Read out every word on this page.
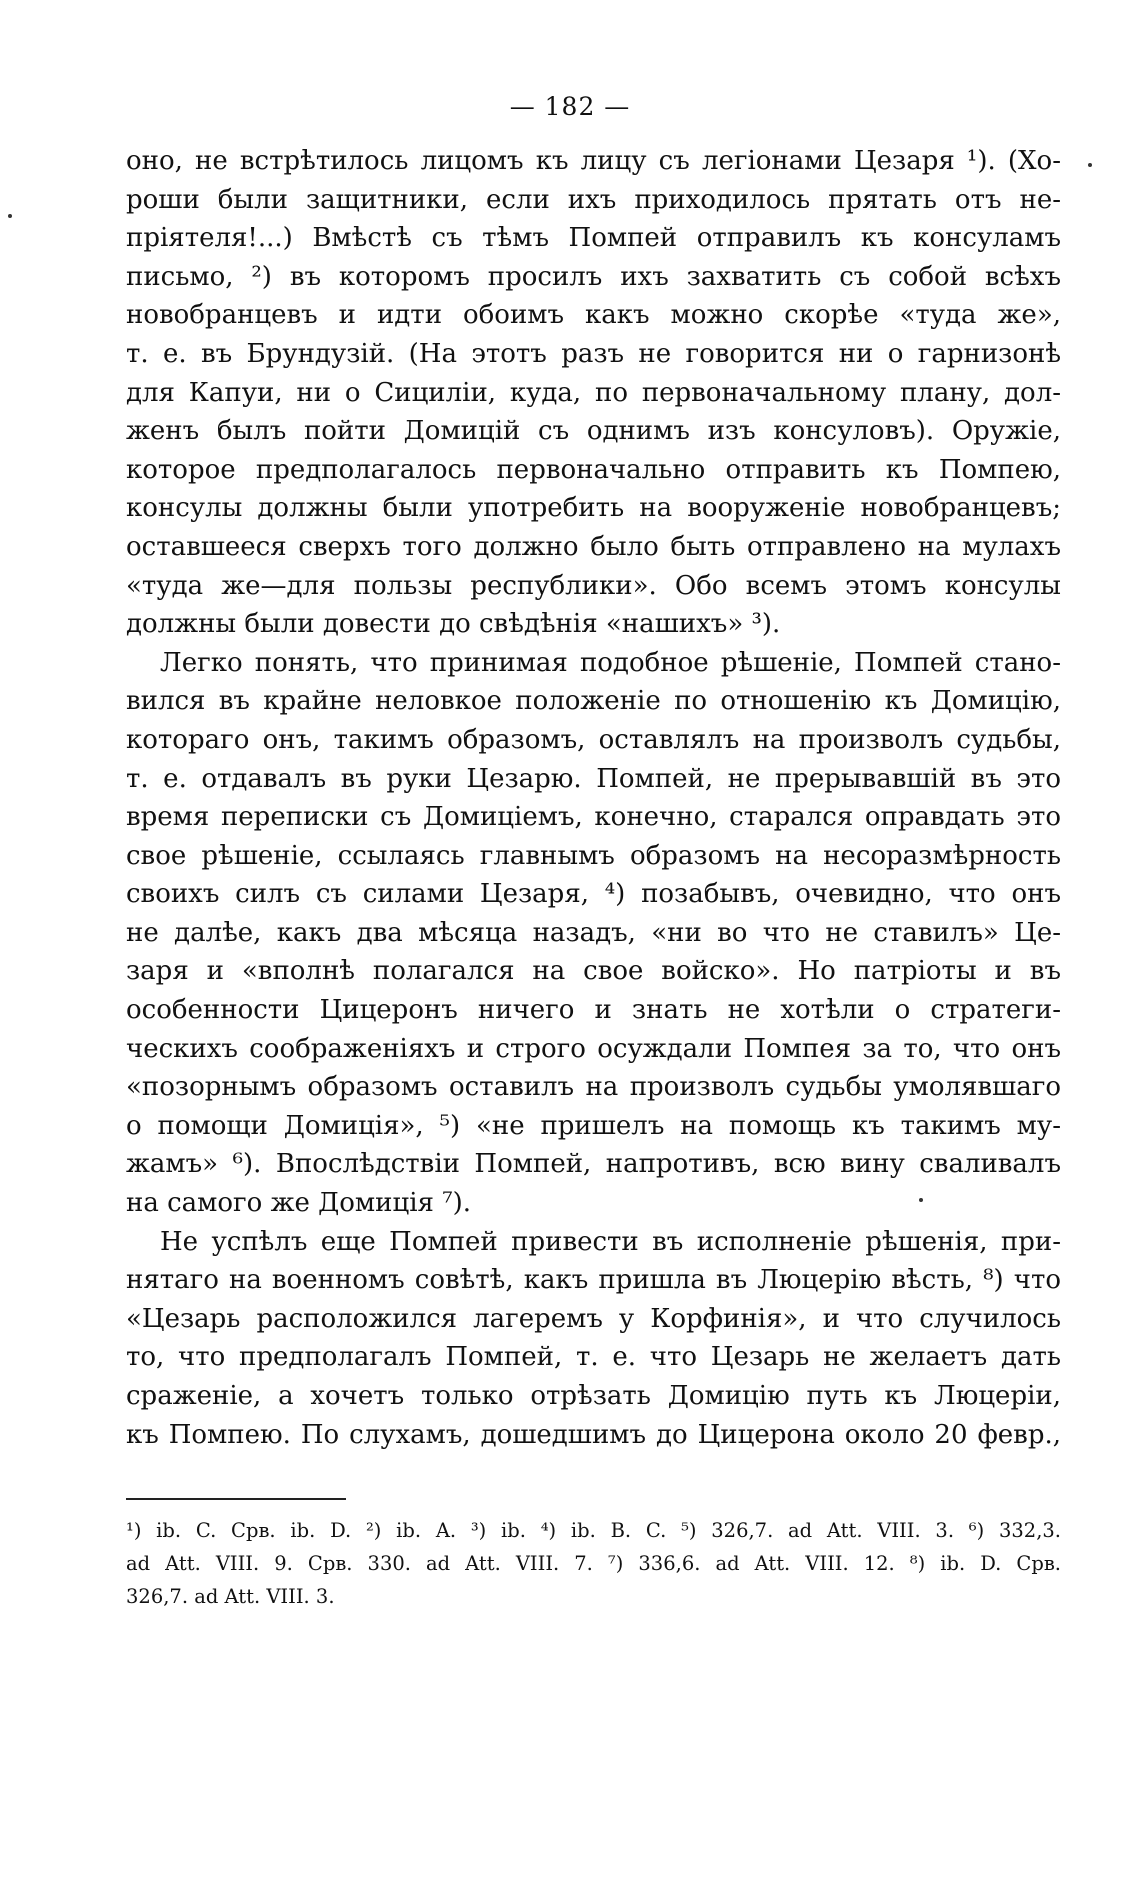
— 182 —
оно, не встрѣтилось лицомъ къ лицу съ легіонами Цезаря ¹). (Хо-
роши были защитники, если ихъ приходилось прятать отъ не-
пріятеля!...) Вмѣстѣ съ тѣмъ Помпей отправилъ къ консуламъ
письмо, ²) въ которомъ просилъ ихъ захватить съ собой всѣхъ
новобранцевъ и идти обоимъ какъ можно скорѣе «туда же»,
т. е. въ Брундузій. (На этотъ разъ не говорится ни о гарнизонѣ
для Капуи, ни о Сициліи, куда, по первоначальному плану, дол-
женъ былъ пойти Домицій съ однимъ изъ консуловъ). Оружіе,
которое предполагалось первоначально отправить къ Помпею,
консулы должны были употребить на вооруженіе новобранцевъ;
оставшееся сверхъ того должно было быть отправлено на мулахъ
«туда же—для пользы республики». Обо всемъ этомъ консулы
должны были довести до свѣдѣнія «нашихъ» ³).
Легко понять, что принимая подобное рѣшеніе, Помпей стано-
вился въ крайне неловкое положеніе по отношенію къ Домицію,
котораго онъ, такимъ образомъ, оставлялъ на произволъ судьбы,
т. е. отдавалъ въ руки Цезарю. Помпей, не прерывавшій въ это
время переписки съ Домиціемъ, конечно, старался оправдать это
свое рѣшеніе, ссылаясь главнымъ образомъ на несоразмѣрность
своихъ силъ съ силами Цезаря, ⁴) позабывъ, очевидно, что онъ
не далѣе, какъ два мѣсяца назадъ, «ни во что не ставилъ» Це-
заря и «вполнѣ полагался на свое войско». Но патріоты и въ
особенности Цицеронъ ничего и знать не хотѣли о стратеги-
ческихъ соображеніяхъ и строго осуждали Помпея за то, что онъ
«позорнымъ образомъ оставилъ на произволъ судьбы умолявшаго
о помощи Домиція», ⁵) «не пришелъ на помощь къ такимъ му-
жамъ» ⁶). Впослѣдствіи Помпей, напротивъ, всю вину сваливалъ
на самого же Домиція ⁷).
Не успѣлъ еще Помпей привести въ исполненіе рѣшенія, при-
нятаго на военномъ совѣтѣ, какъ пришла въ Люцерію вѣсть, ⁸) что
«Цезарь расположился лагеремъ у Корфинія», и что случилось
то, что предполагалъ Помпей, т. е. что Цезарь не желаетъ дать
сраженіе, а хочетъ только отрѣзать Домицію путь къ Люцеріи,
къ Помпею. По слухамъ, дошедшимъ до Цицерона около 20 февр.,
¹) ib. C. Срв. ib. D. ²) ib. A. ³) ib. ⁴) ib. B. C. ⁵) 326,7. ad Att. VIII. 3. ⁶) 332,3.
ad Att. VIII. 9. Срв. 330. ad Att. VIII. 7. ⁷) 336,6. ad Att. VIII. 12. ⁸) ib. D. Срв.
326,7. ad Att. VIII. 3.
